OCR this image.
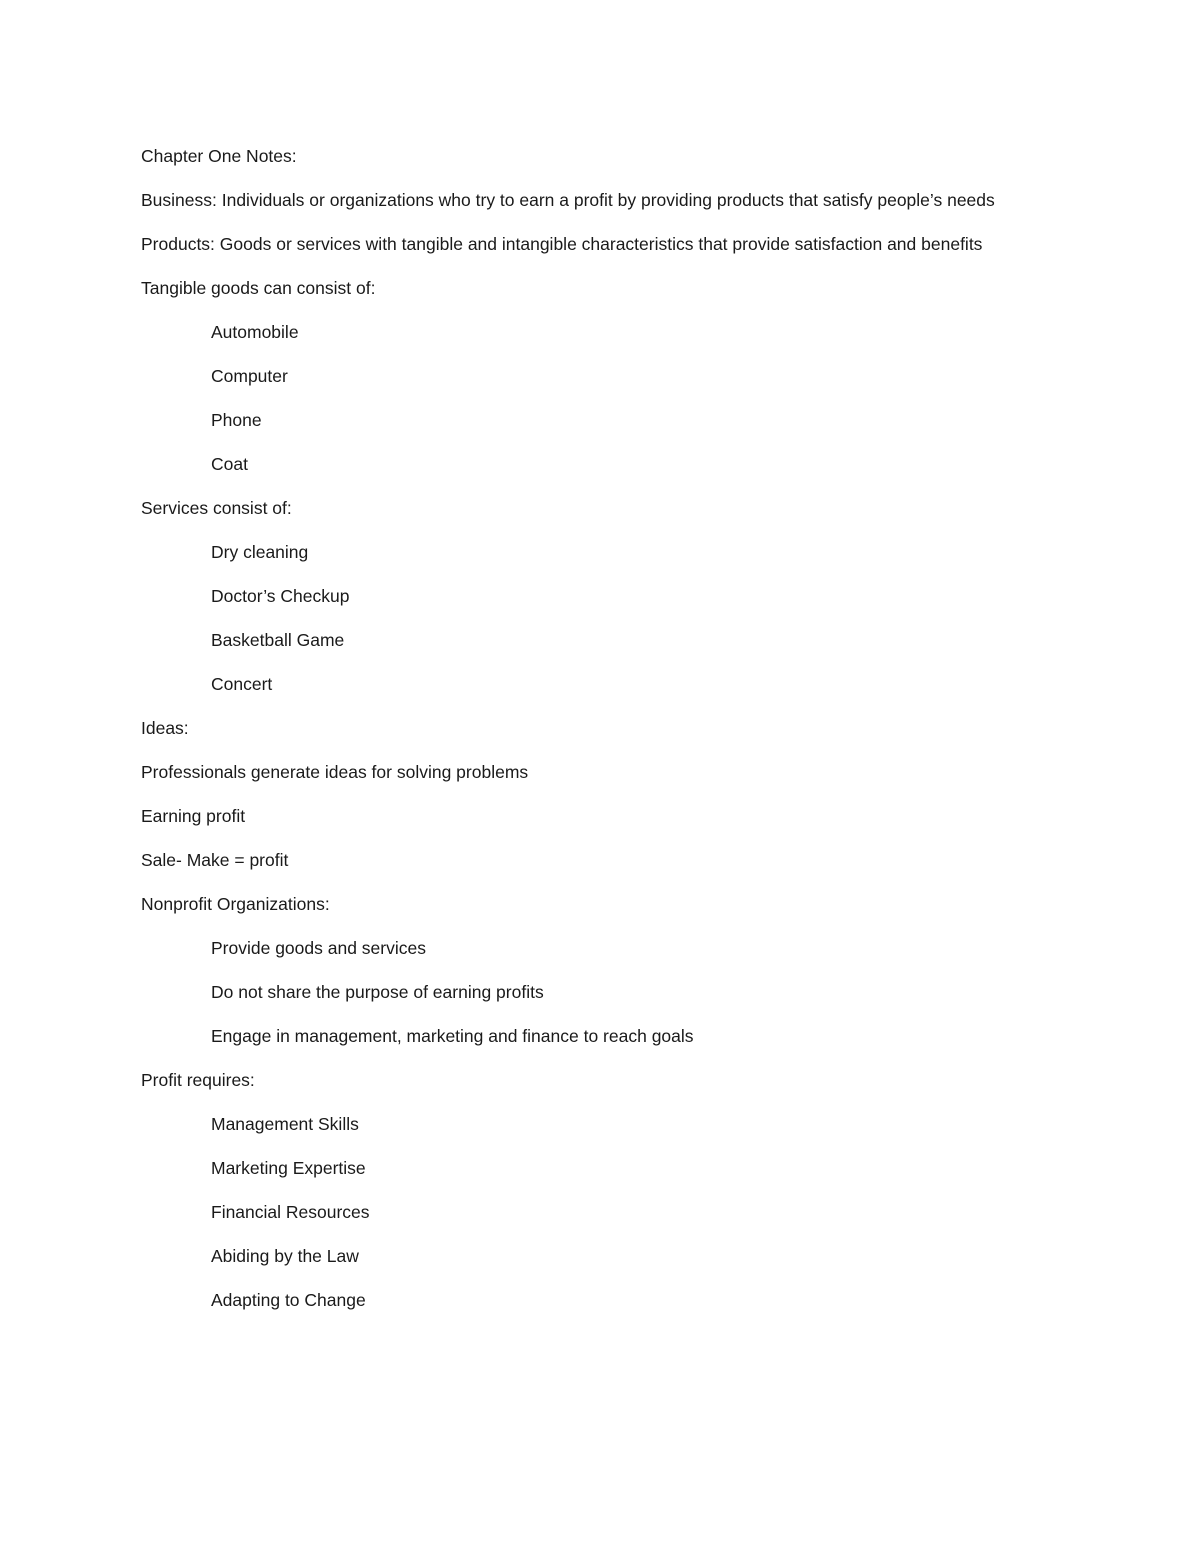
Chapter One Notes:

Business: Individuals or organizations who try to earn a profit by providing products that satisfy people’s needs

Products: Goods or services with tangible and intangible characteristics that provide satisfaction and benefits

Tangible goods can consist of:

Automobile

Computer

Phone

Coat

Services consist of:

Dry cleaning

Doctor’s Checkup

Basketball Game

Concert

Ideas:

Professionals generate ideas for solving problems

Earning profit

Sale- Make = profit

Nonprofit Organizations:

Provide goods and services

Do not share the purpose of earning profits

Engage in management, marketing and finance to reach goals

Profit requires:

Management Skills

Marketing Expertise

Financial Resources

Abiding by the Law

Adapting to Change
